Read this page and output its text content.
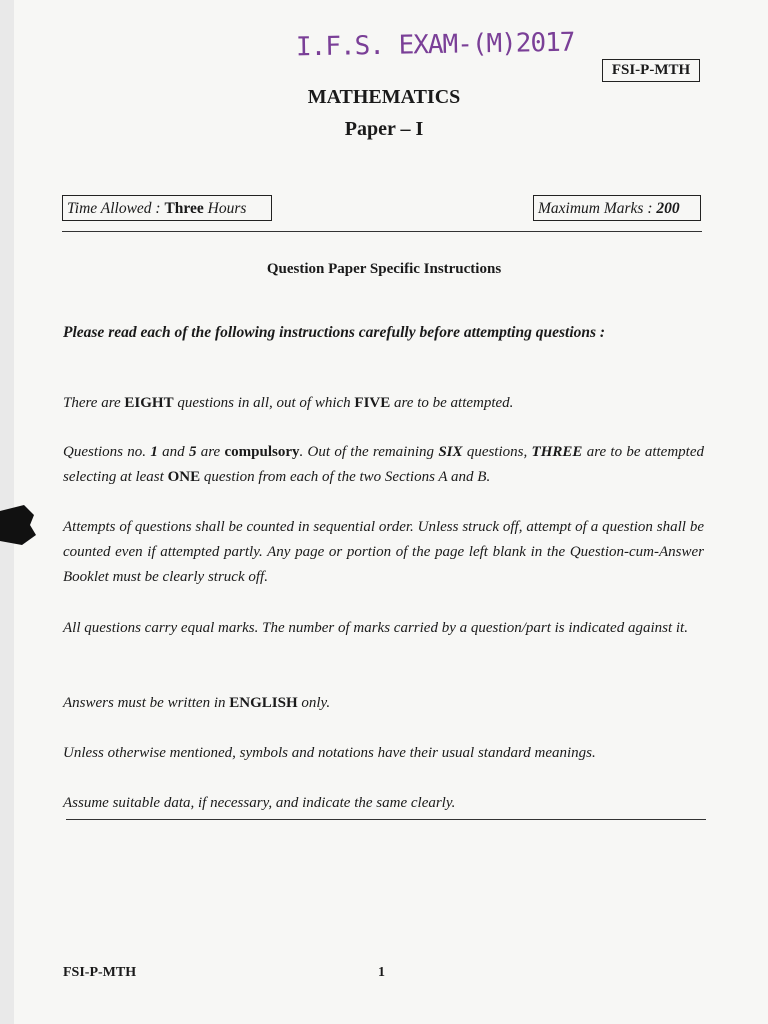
I.F.S. EXAM-(M)2017
FSI-P-MTH
MATHEMATICS
Paper – I
Time Allowed : Three Hours	Maximum Marks : 200
Question Paper Specific Instructions
Please read each of the following instructions carefully before attempting questions :
There are EIGHT questions in all, out of which FIVE are to be attempted.
Questions no. 1 and 5 are compulsory. Out of the remaining SIX questions, THREE are to be attempted selecting at least ONE question from each of the two Sections A and B.
Attempts of questions shall be counted in sequential order. Unless struck off, attempt of a question shall be counted even if attempted partly. Any page or portion of the page left blank in the Question-cum-Answer Booklet must be clearly struck off.
All questions carry equal marks. The number of marks carried by a question/part is indicated against it.
Answers must be written in ENGLISH only.
Unless otherwise mentioned, symbols and notations have their usual standard meanings.
Assume suitable data, if necessary, and indicate the same clearly.
FSI-P-MTH	1
